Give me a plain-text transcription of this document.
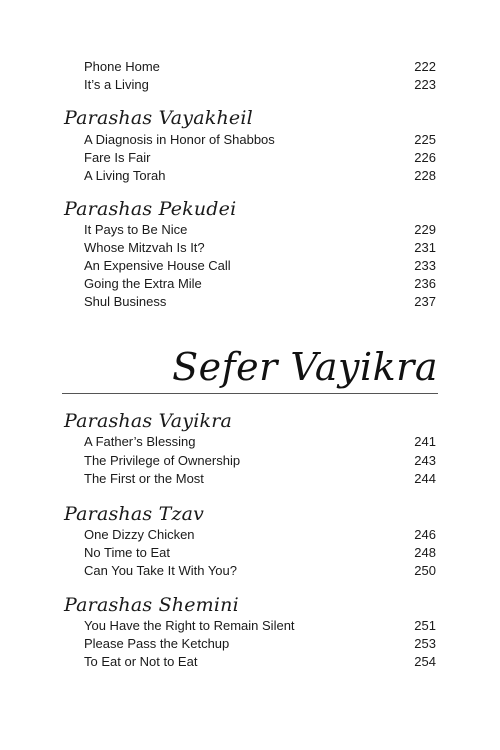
Phone Home	222
It’s a Living	223
Parashas Vayakheil
A Diagnosis in Honor of Shabbos	225
Fare Is Fair	226
A Living Torah	228
Parashas Pekudei
It Pays to Be Nice	229
Whose Mitzvah Is It?	231
An Expensive House Call	233
Going the Extra Mile	236
Shul Business	237
Sefer Vayikra
Parashas Vayikra
A Father’s Blessing	241
The Privilege of Ownership	243
The First or the Most	244
Parashas Tzav
One Dizzy Chicken	246
No Time to Eat	248
Can You Take It With You?	250
Parashas Shemini
You Have the Right to Remain Silent	251
Please Pass the Ketchup	253
To Eat or Not to Eat	254
